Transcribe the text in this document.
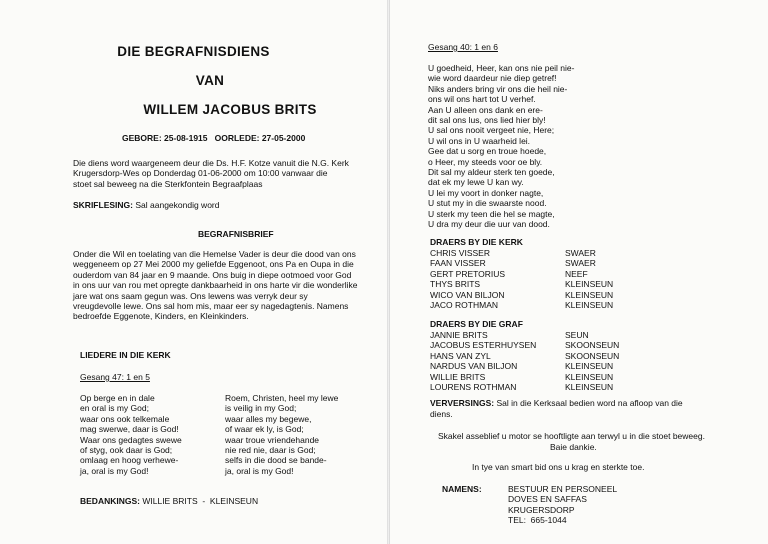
DIE BEGRAFNISDIENS
VAN
WILLEM JACOBUS BRITS
GEBORE: 25-08-1915   OORLEDE: 27-05-2000
Die diens word waargeneem deur die Ds. H.F. Kotze vanuit die N.G. Kerk
Krugersdorp-Wes op Donderdag 01-06-2000 om 10:00 vanwaar die
stoet sal beweeg na die Sterkfontein Begraafplaas
SKRIFLESING: Sal aangekondig word
BEGRAFNISBRIEF
Onder die Wil en toelating van die Hemelse Vader is deur die dood van ons
weggeneem op 27 Mei 2000 my geliefde Eggenoot, ons Pa en Oupa in die
ouderdom van 84 jaar en 9 maande. Ons buig in diepe ootmoed voor God
in ons uur van rou met opregte dankbaarheid in ons harte vir die wonderlike
jare wat ons saam gegun was. Ons lewens was verryk deur sy
vreugdevolle lewe. Ons sal hom mis, maar eer sy nagedagtenis. Namens
bedroefde Eggenote, Kinders, en Kleinkinders.
LIEDERE IN DIE KERK
Gesang 47: 1 en 5
Op berge en in dale
en oral is my God;
waar ons ook telkemale
mag swerwe, daar is God!
Waar ons gedagtes swewe
of styg, ook daar is God;
omlaag en hoog verhewe-
ja, oral is my God!
Roem, Christen, heel my lewe
is veilig in my God;
waar alles my begewe,
of waar ek ly, is God;
waar troue vriendehande
nie red nie, daar is God;
selfs in die dood se bande-
ja, oral is my God!
BEDANKINGS: WILLIE BRITS  -  KLEINSEUN
Gesang 40: 1 en 6
U goedheid, Heer, kan ons nie peil nie-
wie word daardeur nie diep getref!
Niks anders bring vir ons die heil nie-
ons wil ons hart tot U verhef.
Aan U alleen ons dank en ere-
dit sal ons lus, ons lied hier bly!
U sal ons nooit vergeet nie, Here;
U wil ons in U waarheid lei.
Gee dat u sorg en troue hoede,
o Heer, my steeds voor oe bly.
Dit sal my aldeur sterk ten goede,
dat ek my lewe U kan wy.
U lei my voort in donker nagte,
U stut my in die swaarste nood.
U sterk my teen die hel se magte,
U dra my deur die uur van dood.
DRAERS BY DIE KERK
CHRIS VISSER	SWAER
FAAN VISSER	SWAER
GERT PRETORIUS	NEEF
THYS BRITS	KLEINSEUN
WICO VAN BILJON	KLEINSEUN
JACO ROTHMAN	KLEINSEUN
DRAERS BY DIE GRAF
JANNIE BRITS	SEUN
JACOBUS ESTERHUYSEN	SKOONSEUN
HANS VAN ZYL	SKOONSEUN
NARDUS VAN BILJON	KLEINSEUN
WILLIE BRITS	KLEINSEUN
LOURENS ROTHMAN	KLEINSEUN
VERVERSINGS: Sal in die Kerksaal bedien word na afloop van die
diens.
Skakel asseblief u motor se hooftligte aan terwyl u in die stoet beweeg.
Baie dankie.
In tye van smart bid ons u krag en sterkte toe.
NAMENS:	BESTUUR EN PERSONEEL
DOVES EN SAFFAS
KRUGERSDORP
TEL:  665-1044
